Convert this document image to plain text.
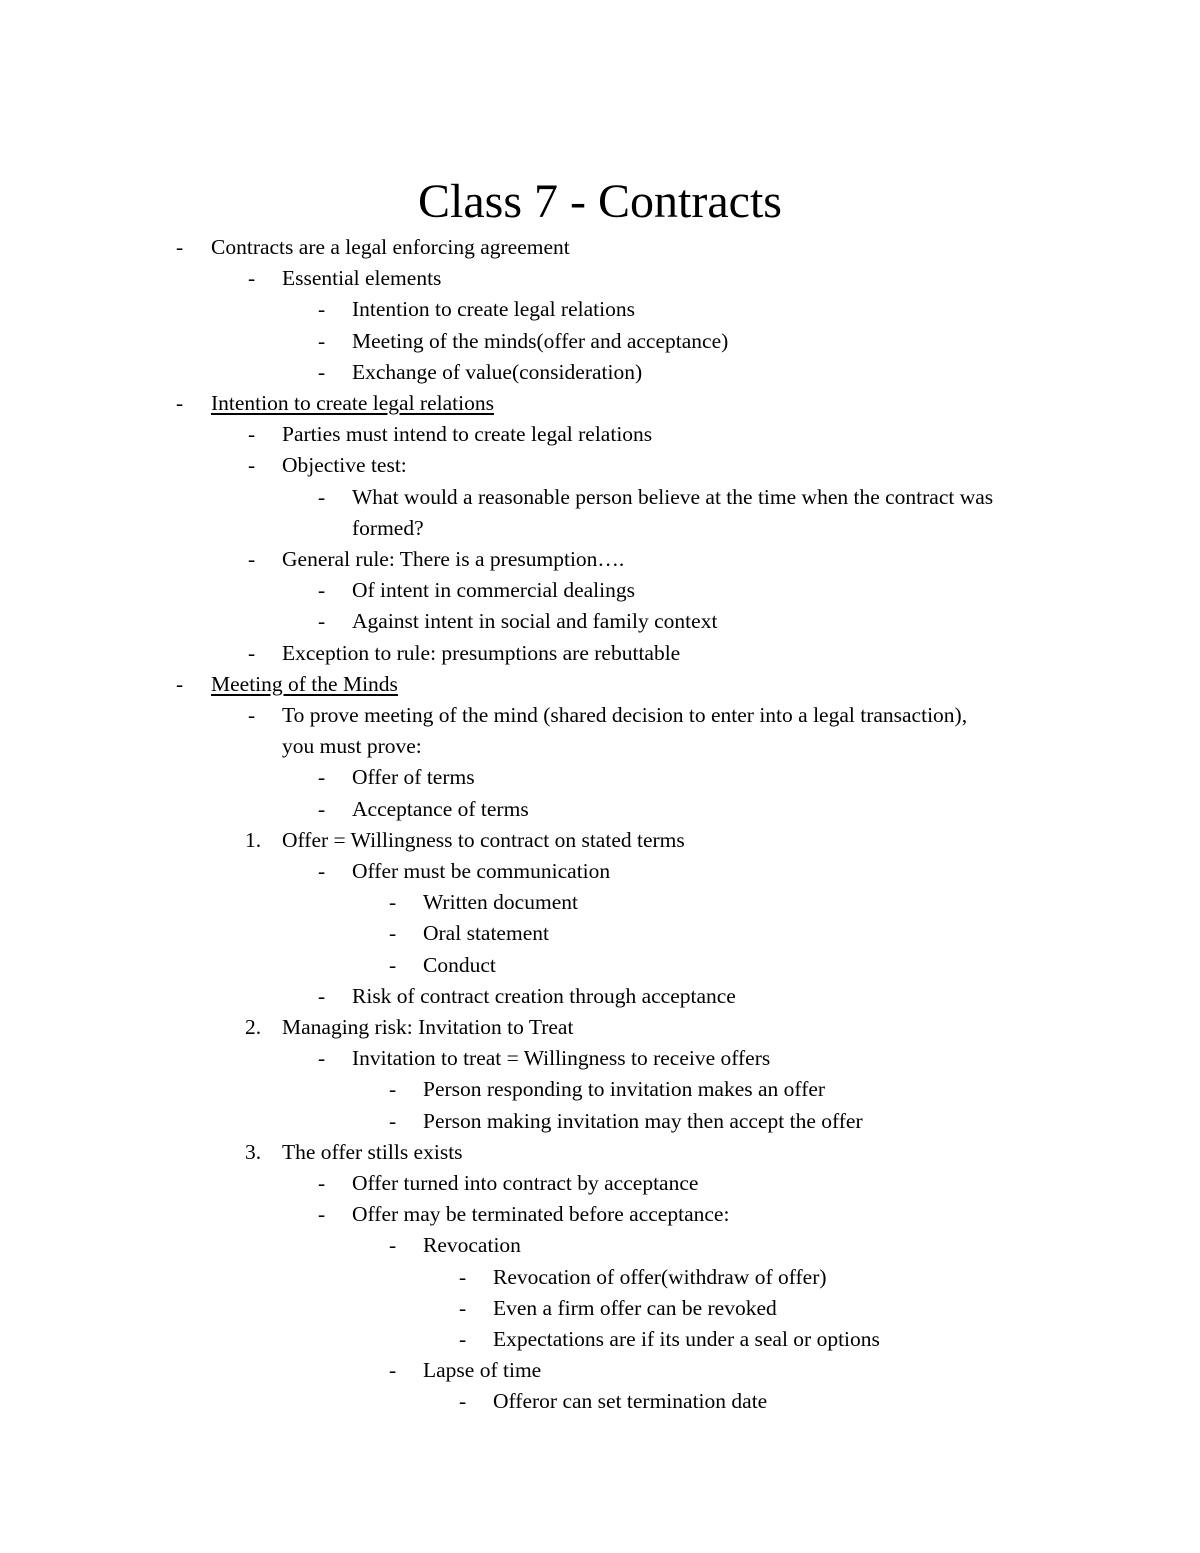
Class 7 - Contracts
- Contracts are a legal enforcing agreement
- Essential elements
- Intention to create legal relations
- Meeting of the minds(offer and acceptance)
- Exchange of value(consideration)
- Intention to create legal relations
- Parties must intend to create legal relations
- Objective test:
- What would a reasonable person believe at the time when the contract was
formed?
- General rule: There is a presumption….
- Of intent in commercial dealings
- Against intent in social and family context
- Exception to rule: presumptions are rebuttable
- Meeting of the Minds
- To prove meeting of the mind (shared decision to enter into a legal transaction),
you must prove:
- Offer of terms
- Acceptance of terms
1. Offer = Willingness to contract on stated terms
- Offer must be communication
- Written document
- Oral statement
- Conduct
- Risk of contract creation through acceptance
2. Managing risk: Invitation to Treat
- Invitation to treat = Willingness to receive offers
- Person responding to invitation makes an offer
- Person making invitation may then accept the offer
3. The offer stills exists
- Offer turned into contract by acceptance
- Offer may be terminated before acceptance:
- Revocation
- Revocation of offer(withdraw of offer)
- Even a firm offer can be revoked
- Expectations are if its under a seal or options
- Lapse of time
- Offeror can set termination date
